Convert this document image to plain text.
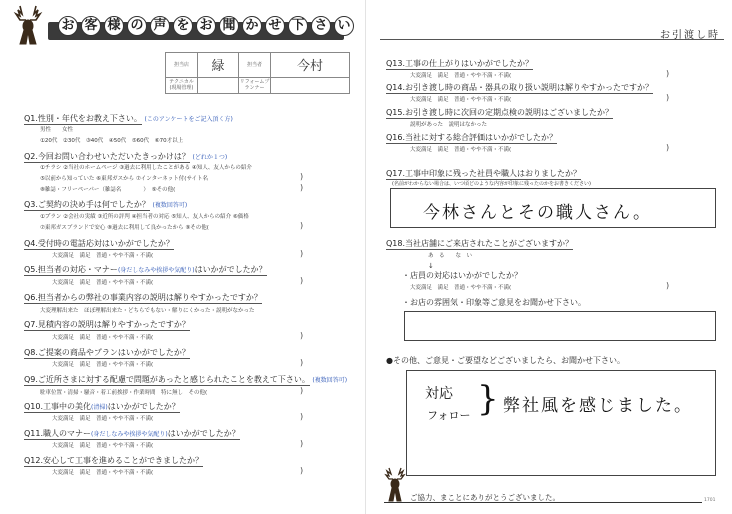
お 客 様 の 声 を お 聞 か せ 下 さ い
お引渡し時
担当店	緑	担当者	今村
テクニカル(現場管理)		リフォームプランナー	
Q1.性別・年代をお教え下さい。 (このアンケートをご記入頂く方)
男性　　女性
①20代　②30代　③40代　④50代　⑤60代　⑥70才以上
Q2.今回お問い合わせいただいたきっかけは？ (どれか１つ)
①チラシ ②当社のホームページ ③過去に利用したことがある ④知人、友人からの紹介
⑤以前から知っていた ⑥東邦ガスから ⑦インターネット付(サイト名	)
⑧雑誌・フリーペーパー（雑誌名　　　　）　⑨その他(	)
Q3.ご契約の決め手は何でしたか？ (複数回答可)
①プラン ②会社の実績 ③近所の評判 ④担当者の対応 ⑤知人、友人からの紹介 ⑥価格
⑦東邦ガスブランドで安心 ⑧過去に利用して良かったから ⑨その他(	)
Q4.受付時の電話応対はいかがでしたか？
大変満足　満足　普通・やや不満・不満(	)
Q5.担当者の対応・マナー(身だしなみや挨拶や気配り)はいかがでしたか？
大変満足　満足　普通・やや不満・不満(	)
Q6.担当者からの弊社の事業内容の説明は解りやすかったですか？
大変理解出来た　ほぼ理解出来た・どちらでもない・解りにくかった・説明がなかった
Q7.見積内容の説明は解りやすかったですか？
大変満足　満足　普通・やや不満・不満(	)
Q8.ご提案の商品やプランはいかがでしたか？
大変満足　満足　普通・やや不満・不満(	)
Q9.ご近所さまに対する配慮で問題があったと感じられたことを教えて下さい。 (複数回答可)
駐車位置・清掃・騒音・着工前挨拶・作業時間　特に無し　その他(	)
Q10.工事中の美化(清掃)はいかがでしたか？
大変満足　満足　普通・やや不満・不満(	)
Q11.職人のマナー(身だしなみや挨拶や気配り)はいかがでしたか？
大変満足　満足　普通・やや不満・不満(	)
Q12.安心して工事を進めることができましたか？
大変満足　満足　普通・やや不満・不満(	)
Q13.工事の仕上がりはいかがでしたか？
大変満足　満足　普通・やや不満・不満(	)
Q14.お引き渡し時の商品・器具の取り扱い説明は解りやすかったですか？
大変満足　満足　普通・やや不満・不満(	)
Q15.お引き渡し時に次回の定期点検の説明はございましたか？
説明があった　説明はなかった
Q16.当社に対する総合評価はいかがでしたか？
大変満足　満足　普通・やや不満・不満(	)
Q17.工事中印象に残った社員や職人はおりましたか？
(名前がわからない場合は、いつ頃どのような内容が印象に残ったのかをお書きください)
今林さんとその職人さん。
Q18.当社店舗にご来店されたことがございますか？
あ　る　　な　い
↓
・店員の対応はいかがでしたか？
大変満足　満足　普通・やや不満・不満(	)
・お店の雰囲気・印象等ご意見をお聞かせ下さい。
●その他、ご意見・ご要望などございましたら、お聞かせ下さい。
対応
フォロー } 弊社風を感じました。
ご協力、まことにありがとうございました。	1701
